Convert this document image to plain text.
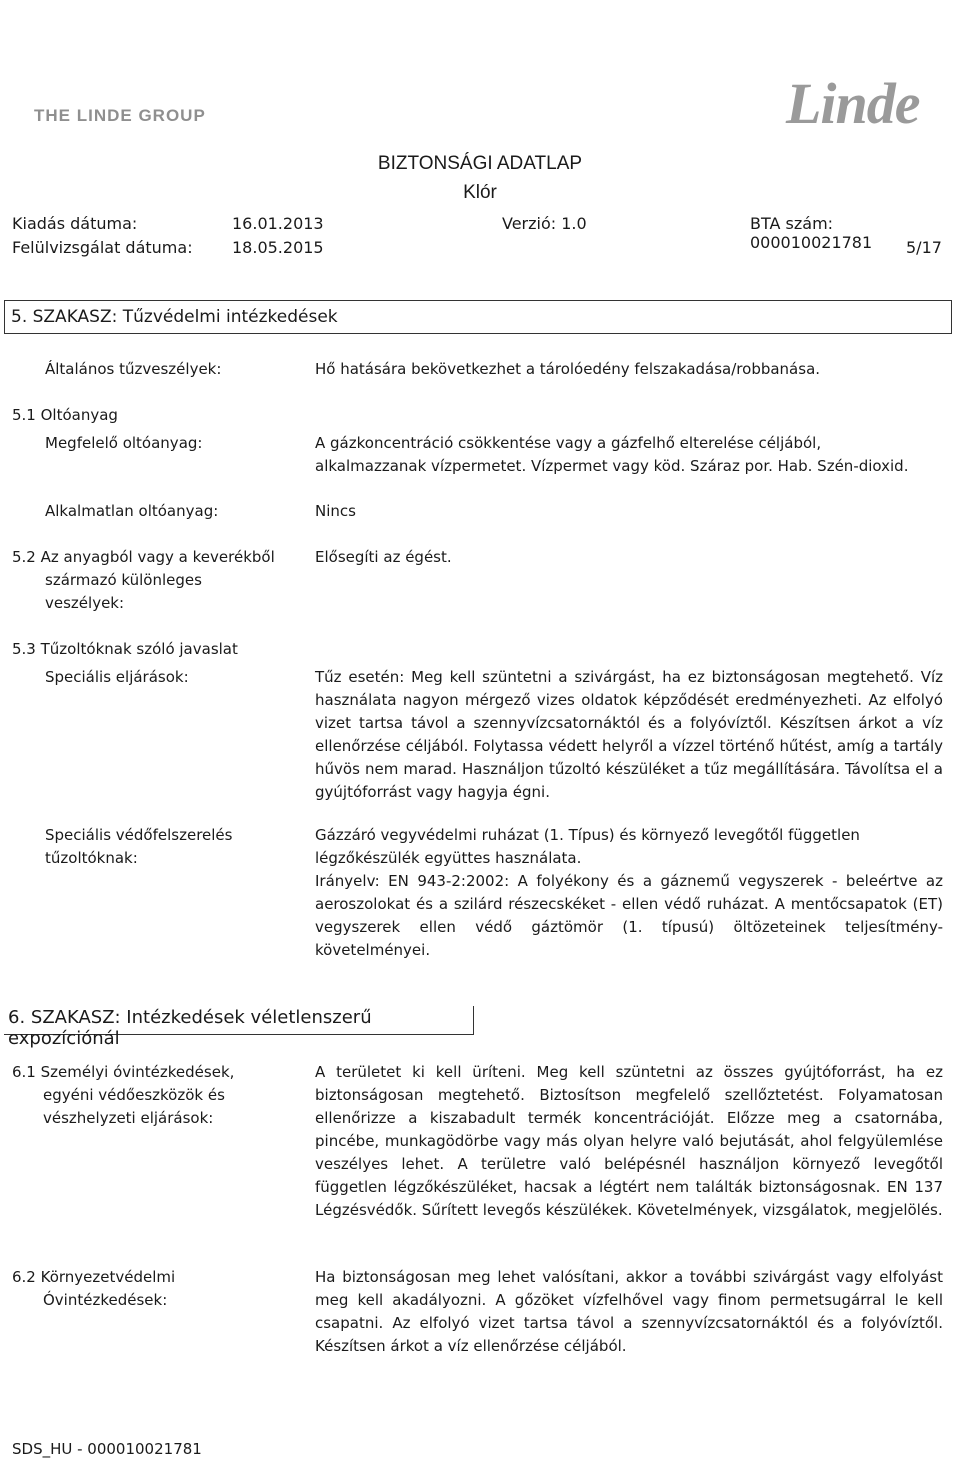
THE LINDE GROUP	Linde
BIZTONSÁGI ADATLAP
Klór
Kiadás dátuma:	16.01.2013	Verzió: 1.0	BTA szám: 000010021781
Felülvizsgálat dátuma: 18.05.2015	5/17
5. SZAKASZ: Tűzvédelmi intézkedések
Általános tűzveszélyek:	Hő hatására bekövetkezhet a tárolóedény felszakadása/robbanása.
5.1 Oltóanyag
Megfelelő oltóanyag:	A gázkoncentráció csökkentése vagy a gázfelhő elterelése céljából,
alkalmazzanak vízpermetet. Vízpermet vagy köd. Száraz por. Hab. Szén-dioxid.
Alkalmatlan oltóanyag:	Nincs
5.2 Az anyagból vagy a keverékből
származó különleges
veszélyek:
Elősegíti az égést.
5.3 Tűzoltóknak szóló javaslat
Speciális eljárások:	Tűz esetén: Meg kell szüntetni a szivárgást, ha ez biztonságosan megtehető. Víz használata nagyon mérgező vizes oldatok képződését eredményezheti. Az elfolyó vizet tartsa távol a szennyvízcsatornáktól és a folyóvíztől. Készítsen árkot a víz ellenőrzése céljából. Folytassa védett helyről a vízzel történő hűtést, amíg a tartály hűvös nem marad. Használjon tűzoltó készüléket a tűz megállítására. Távolítsa el a gyújtóforrást vagy hagyja égni.
Speciális védőfelszerelés
tűzoltóknak:
Gázzáró vegyvédelmi ruházat (1. Típus) és környező levegőtől független légzőkészülék együttes használata.
Irányelv: EN 943-2:2002: A folyékony és a gáznemű vegyszerek - beleértve az aeroszolokat és a szilárd részecskéket - ellen védő ruházat. A mentőcsapatok (ET) vegyszerek ellen védő gáztömör (1. típusú) öltözeteinek teljesítmény-követelményei.
6. SZAKASZ: Intézkedések véletlenszerű expozíciónál
6.1 Személyi óvintézkedések,
egyéni védőeszközök és
vészhelyzeti eljárások:
A területet ki kell üríteni. Meg kell szüntetni az összes gyújtóforrást, ha ez biztonságosan megtehető. Biztosítson megfelelő szellőztetést. Folyamatosan ellenőrizze a kiszabadult termék koncentrációját. Előzze meg a csatornába, pincébe, munkagödörbe vagy más olyan helyre való bejutását, ahol felgyülemlése veszélyes lehet. A területre való belépésnél használjon környező levegőtől független légzőkészüléket, hacsak a légtért nem találták biztonságosnak. EN 137 Légzésvédők. Sűrített levegős készülékek. Követelmények, vizsgálatok, megjelölés.
6.2 Környezetvédelmi
Óvintézkedések:
Ha biztonságosan meg lehet valósítani, akkor a további szivárgást vagy elfolyást meg kell akadályozni. A gőzöket vízfelhővel vagy finom permetsugárral le kell csapatni. Az elfolyó vizet tartsa távol a szennyvízcsatornáktól és a folyóvíztől. Készítsen árkot a víz ellenőrzése céljából.
SDS_HU - 000010021781
